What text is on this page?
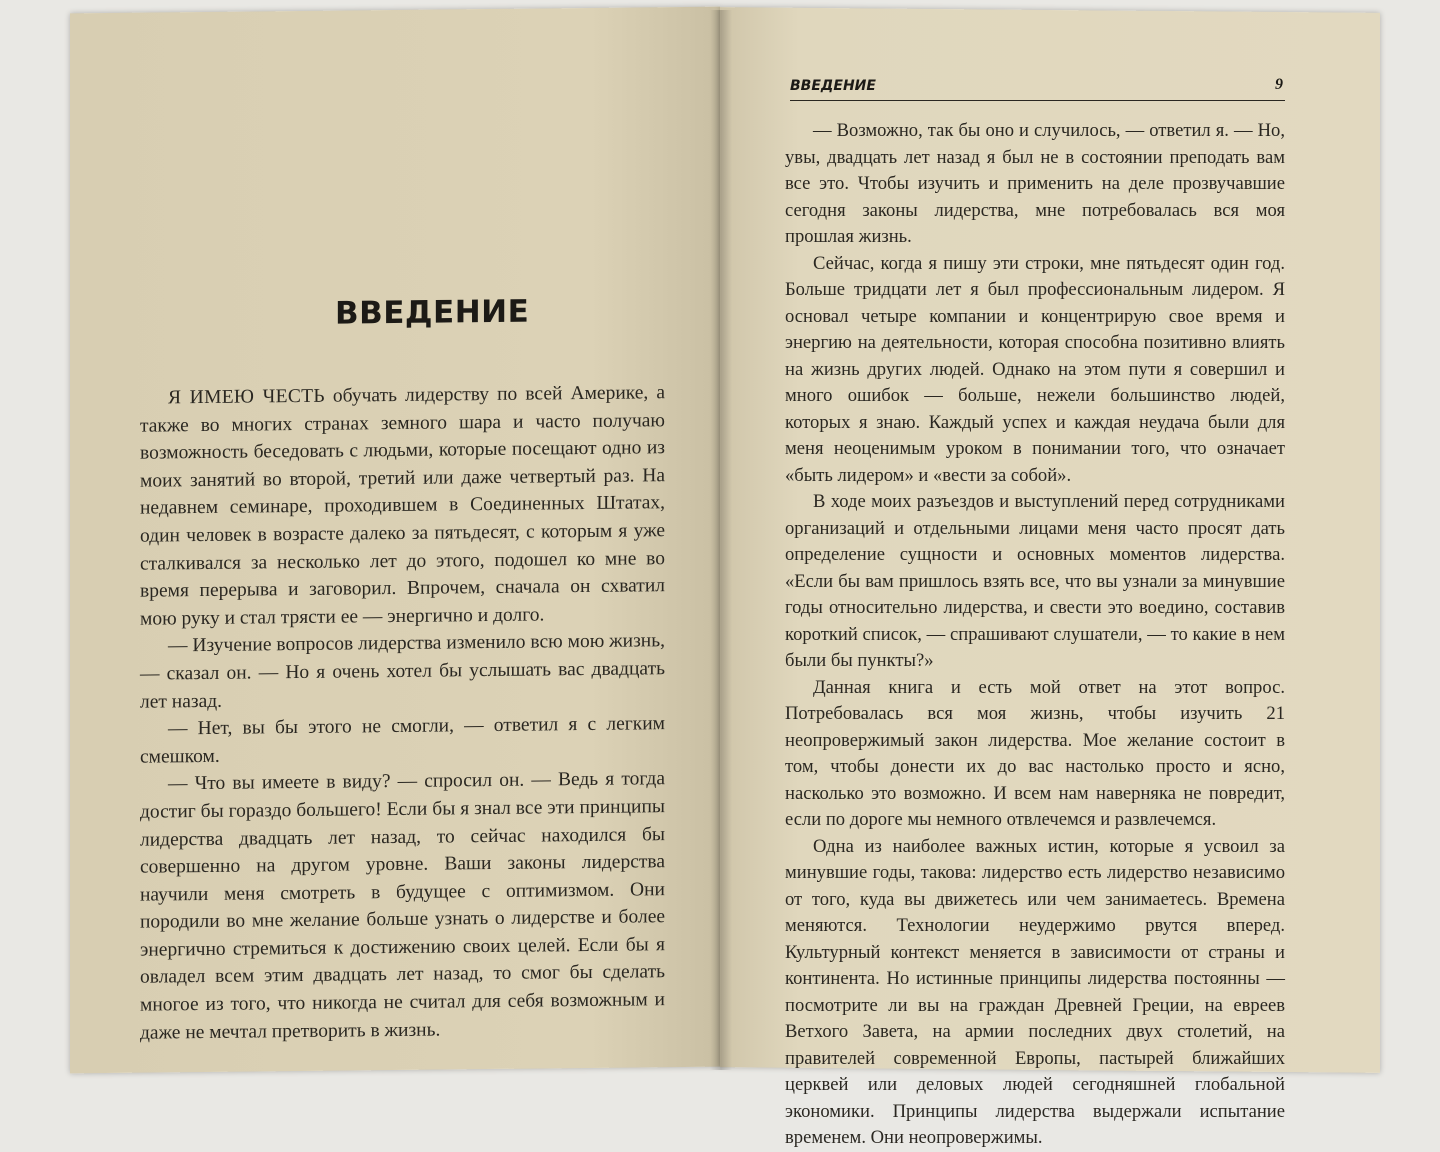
ВВЕДЕНИЕ

Я ИМЕЮ ЧЕСТЬ обучать лидерству по всей Америке, а также во многих странах земного шара и часто получаю возможность беседовать с людьми, которые посещают одно из моих занятий во второй, третий или даже четвертый раз. На недавнем семинаре, проходившем в Соединенных Штатах, один человек в возрасте далеко за пятьдесят, с которым я уже сталкивался за несколько лет до этого, подошел ко мне во время перерыва и заговорил. Впрочем, сначала он схватил мою руку и стал трясти ее — энергично и долго.

— Изучение вопросов лидерства изменило всю мою жизнь, — сказал он. — Но я очень хотел бы услышать вас двадцать лет назад.

— Нет, вы бы этого не смогли, — ответил я с легким смешком.

— Что вы имеете в виду? — спросил он. — Ведь я тогда достиг бы гораздо большего! Если бы я знал все эти принципы лидерства двадцать лет назад, то сейчас находился бы совершенно на другом уровне. Ваши законы лидерства научили меня смотреть в будущее с оптимизмом. Они породили во мне желание больше узнать о лидерстве и более энергично стремиться к достижению своих целей. Если бы я овладел всем этим двадцать лет назад, то смог бы сделать многое из того, что никогда не считал для себя возможным и даже не мечтал претворить в жизнь.

ВВЕДЕНИЕ	9

— Возможно, так бы оно и случилось, — ответил я. — Но, увы, двадцать лет назад я был не в состоянии преподать вам все это. Чтобы изучить и применить на деле прозвучавшие сегодня законы лидерства, мне потребовалась вся моя прошлая жизнь.

Сейчас, когда я пишу эти строки, мне пятьдесят один год. Больше тридцати лет я был профессиональным лидером. Я основал четыре компании и концентрирую свое время и энергию на деятельности, которая способна позитивно влиять на жизнь других людей. Однако на этом пути я совершил и много ошибок — больше, нежели большинство людей, которых я знаю. Каждый успех и каждая неудача были для меня неоценимым уроком в понимании того, что означает «быть лидером» и «вести за собой».

В ходе моих разъездов и выступлений перед сотрудниками организаций и отдельными лицами меня часто просят дать определение сущности и основных моментов лидерства. «Если бы вам пришлось взять все, что вы узнали за минувшие годы относительно лидерства, и свести это воедино, составив короткий список, — спрашивают слушатели, — то какие в нем были бы пункты?»

Данная книга и есть мой ответ на этот вопрос. Потребовалась вся моя жизнь, чтобы изучить 21 неопровержимый закон лидерства. Мое желание состоит в том, чтобы донести их до вас настолько просто и ясно, насколько это возможно. И всем нам наверняка не повредит, если по дороге мы немного отвлечемся и развлечемся.

Одна из наиболее важных истин, которые я усвоил за минувшие годы, такова: лидерство есть лидерство независимо от того, куда вы движетесь или чем занимаетесь. Времена меняются. Технологии неудержимо рвутся вперед. Культурный контекст меняется в зависимости от страны и континента. Но истинные принципы лидерства постоянны — посмотрите ли вы на граждан Древней Греции, на евреев Ветхого Завета, на армии последних двух столетий, на правителей современной Европы, пастырей ближайших церквей или деловых людей сегодняшней глобальной экономики. Принципы лидерства выдержали испытание временем. Они неопровержимы.
